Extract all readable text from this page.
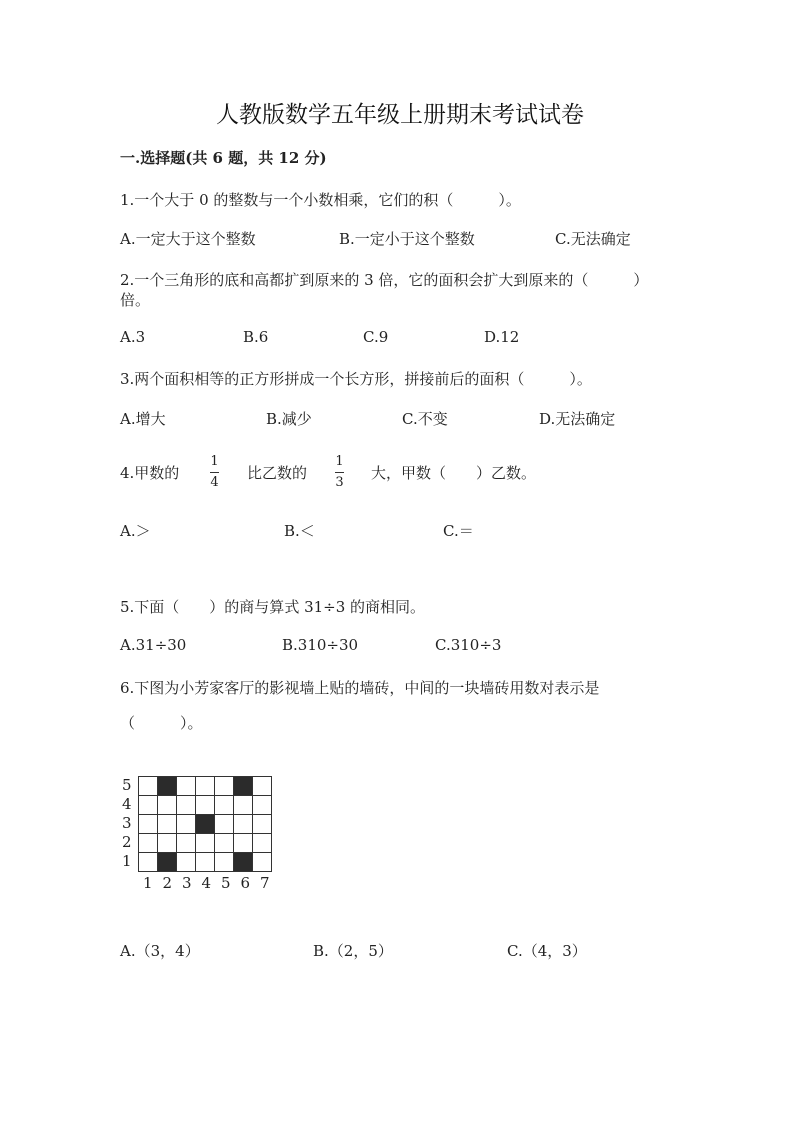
人教版数学五年级上册期末考试试卷
一.选择题(共 6 题，共 12 分)
1.一个大于 0 的整数与一个小数相乘，它们的积（　　　）。
A.一定大于这个整数	B.一定小于这个整数	C.无法确定
2.一个三角形的底和高都扩到原来的 3 倍，它的面积会扩大到原来的（　　　）
倍。
A.3	B.6	C.9	D.12
3.两个面积相等的正方形拼成一个长方形，拼接前后的面积（　　　）。
A.增大	B.减少	C.不变	D.无法确定
4.甲数的
1
4
比乙数的
1
3
大，甲数（　　）乙数。
A.＞	B.＜	C.＝
5.下面（　　）的商与算式 31÷3 的商相同。
A.31÷30	B.310÷30	C.310÷3
6.下图为小芳家客厅的影视墙上贴的墙砖，中间的一块墙砖用数对表示是
（　　　）。
5
4
3
2
1
1 2 3 4 5 6 7
A.（3，4）	B.（2，5）	C.（4，3）
